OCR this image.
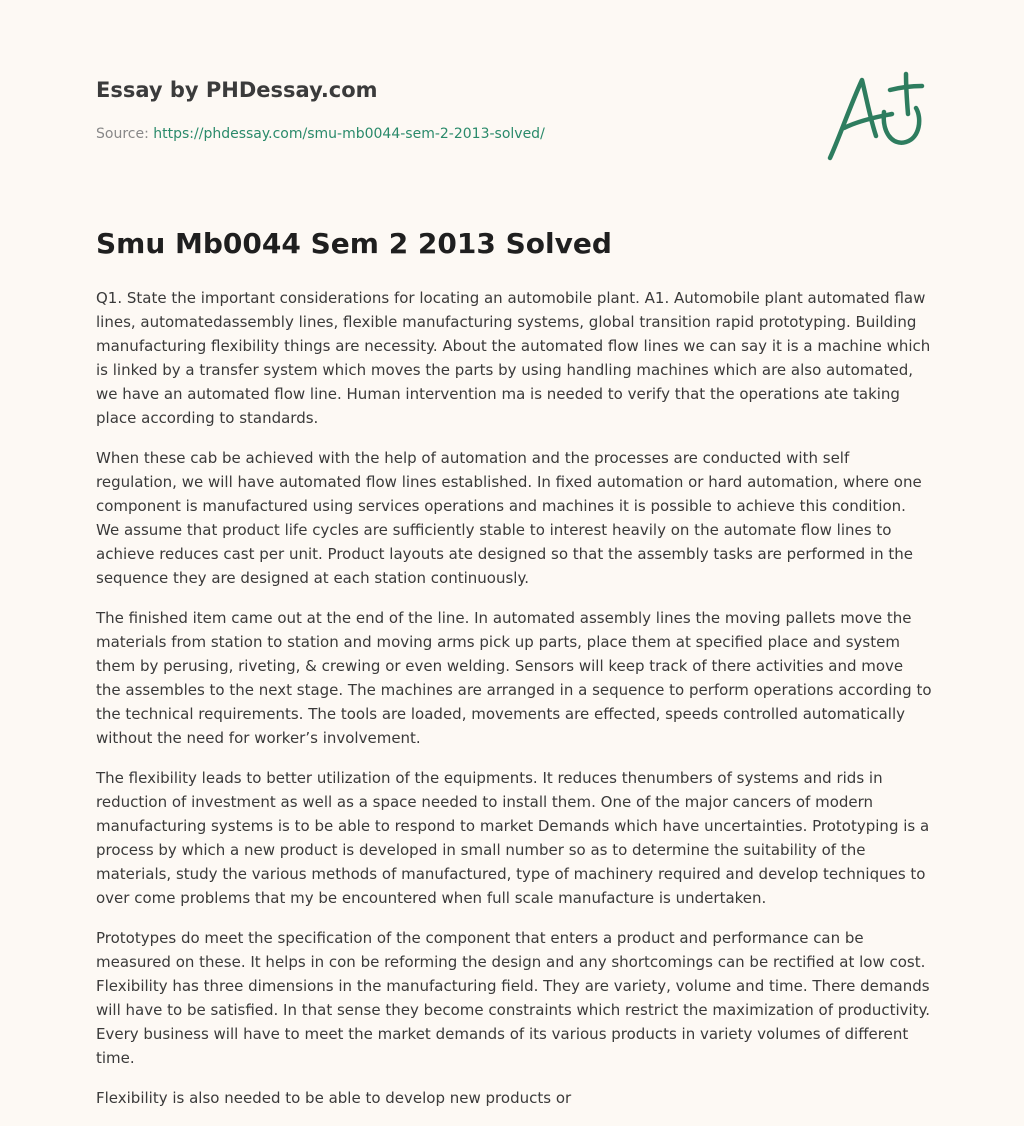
Essay by PHDessay.com
Source: https://phdessay.com/smu-mb0044-sem-2-2013-solved/
Smu Mb0044 Sem 2 2013 Solved

Q1. State the important considerations for locating an automobile plant. A1. Automobile plant automated flaw lines, automatedassembly lines, flexible manufacturing systems, global transition rapid prototyping. Building manufacturing flexibility things are necessity. About the automated flow lines we can say it is a machine which is linked by a transfer system which moves the parts by using handling machines which are also automated, we have an automated flow line. Human intervention ma is needed to verify that the operations ate taking place according to standards.

When these cab be achieved with the help of automation and the processes are conducted with self regulation, we will have automated flow lines established. In fixed automation or hard automation, where one component is manufactured using services operations and machines it is possible to achieve this condition. We assume that product life cycles are sufficiently stable to interest heavily on the automate flow lines to achieve reduces cast per unit. Product layouts ate designed so that the assembly tasks are performed in the sequence they are designed at each station continuously.

The finished item came out at the end of the line. In automated assembly lines the moving pallets move the materials from station to station and moving arms pick up parts, place them at specified place and system them by perusing, riveting, & crewing or even welding. Sensors will keep track of there activities and move the assembles to the next stage. The machines are arranged in a sequence to perform operations according to the technical requirements. The tools are loaded, movements are effected, speeds controlled automatically without the need for worker’s involvement.

The flexibility leads to better utilization of the equipments. It reduces thenumbers of systems and rids in reduction of investment as well as a space needed to install them. One of the major cancers of modern manufacturing systems is to be able to respond to market Demands which have uncertainties. Prototyping is a process by which a new product is developed in small number so as to determine the suitability of the materials, study the various methods of manufactured, type of machinery required and develop techniques to over come problems that my be encountered when full scale manufacture is undertaken.

Prototypes do meet the specification of the component that enters a product and performance can be measured on these. It helps in con be reforming the design and any shortcomings can be rectified at low cost. Flexibility has three dimensions in the manufacturing field. They are variety, volume and time. There demands will have to be satisfied. In that sense they become constraints which restrict the maximization of productivity. Every business will have to meet the market demands of its various products in variety volumes of different time.

Flexibility is also needed to be able to develop new products or
